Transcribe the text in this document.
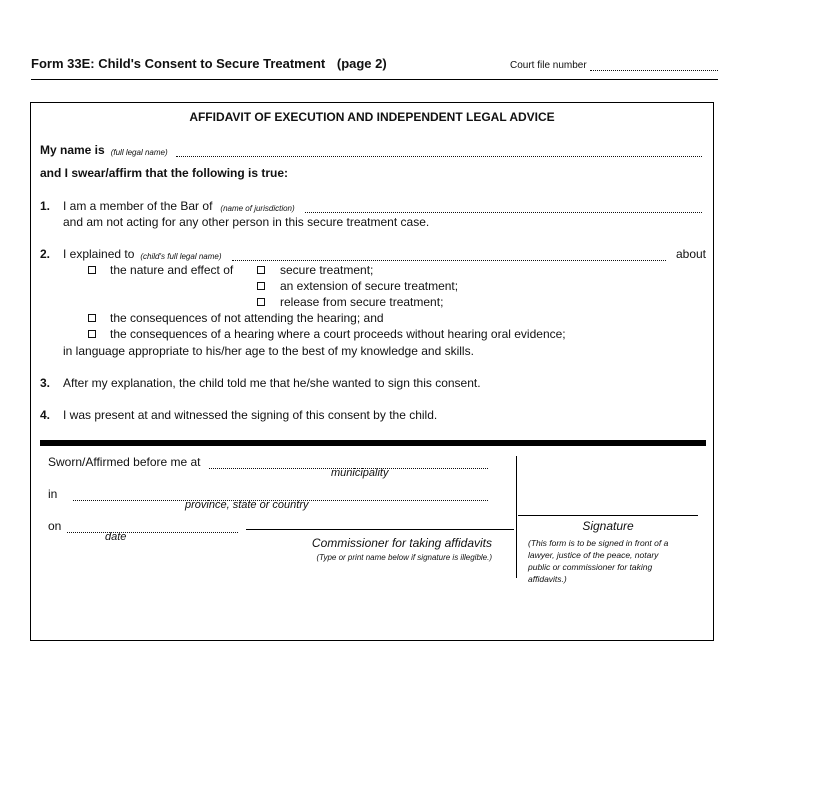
Form 33E: Child's Consent to Secure Treatment (page 2)	Court file number
AFFIDAVIT OF EXECUTION AND INDEPENDENT LEGAL ADVICE
My name is (full legal name)
and I swear/affirm that the following is true:
1. I am a member of the Bar of (name of jurisdiction)
and am not acting for any other person in this secure treatment case.
2. I explained to (child's full legal name)	about
the nature and effect of	secure treatment;
an extension of secure treatment;
release from secure treatment;
the consequences of not attending the hearing; and
the consequences of a hearing where a court proceeds without hearing oral evidence;
in language appropriate to his/her age to the best of my knowledge and skills.
3. After my explanation, the child told me that he/she wanted to sign this consent.
4. I was present at and witnessed the signing of this consent by the child.
Sworn/Affirmed before me at
municipality
in
province, state or country
on
date	Commissioner for taking affidavits
(Type or print name below if signature is illegible.)
Signature
(This form is to be signed in front of a
lawyer, justice of the peace, notary
public or commissioner for taking
affidavits.)
